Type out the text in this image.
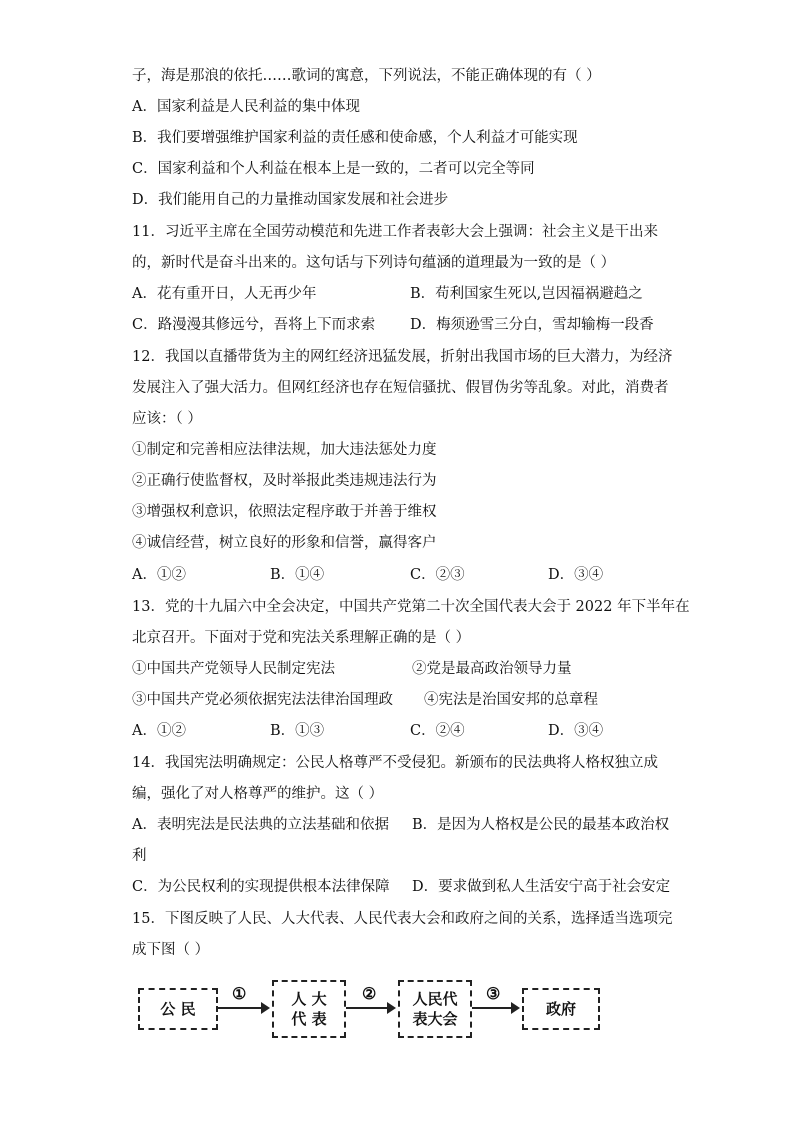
子，海是那浪的依托……歌词的寓意，下列说法，不能正确体现的有（ ）
A．国家利益是人民利益的集中体现
B．我们要增强维护国家利益的责任感和使命感，个人利益才可能实现
C．国家利益和个人利益在根本上是一致的，二者可以完全等同
D．我们能用自己的力量推动国家发展和社会进步
11．习近平主席在全国劳动模范和先进工作者表彰大会上强调：社会主义是干出来
的，新时代是奋斗出来的。这句话与下列诗句蕴涵的道理最为一致的是（ ）
A．花有重开日，人无再少年	B．苟利国家生死以,岂因福祸避趋之
C．路漫漫其修远兮，吾将上下而求索 D．梅须逊雪三分白，雪却输梅一段香
12．我国以直播带货为主的网红经济迅猛发展，折射出我国市场的巨大潜力，为经济
发展注入了强大活力。但网红经济也存在短信骚扰、假冒伪劣等乱象。对此，消费者
应该：（ ）
①制定和完善相应法律法规，加大违法惩处力度
②正确行使监督权，及时举报此类违规违法行为
③增强权利意识，依照法定程序敢于并善于维权
④诚信经营，树立良好的形象和信誉，赢得客户
A．①②	B．①④	C．②③	D．③④
13．党的十九届六中全会决定，中国共产党第二十次全国代表大会于 2022 年下半年在
北京召开。下面对于党和宪法关系理解正确的是（ ）
①中国共产党领导人民制定宪法	②党是最高政治领导力量
③中国共产党必须依据宪法法律治国理政 ④宪法是治国安邦的总章程
A．①②	B．①③	C．②④	D．③④
14．我国宪法明确规定：公民人格尊严不受侵犯。新颁布的民法典将人格权独立成
编，强化了对人格尊严的维护。这（ ）
A．表明宪法是民法典的立法基础和依据 B．是因为人格权是公民的最基本政治权
利
C．为公民权利的实现提供根本法律保障 D．要求做到私人生活安宁高于社会安定
15．下图反映了人民、人大代表、人民代表大会和政府之间的关系，选择适当选项完
成下图（ ）
公 民
①	人 大
代 表
② 人民代
表大会
③
政府
